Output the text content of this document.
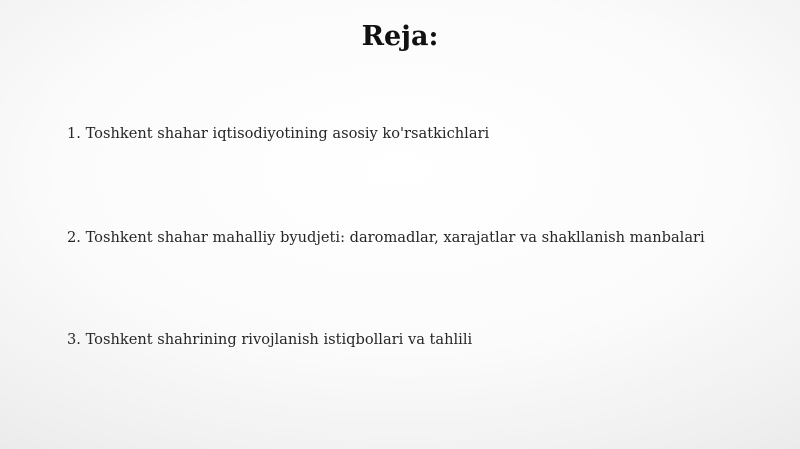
Reja:
1. Toshkent shahar iqtisodiyotining asosiy ko'rsatkichlari
2. Toshkent shahar mahalliy byudjeti: daromadlar, xarajatlar va shakllanish manbalari
3. Toshkent shahrining rivojlanish istiqbollari va tahlili
